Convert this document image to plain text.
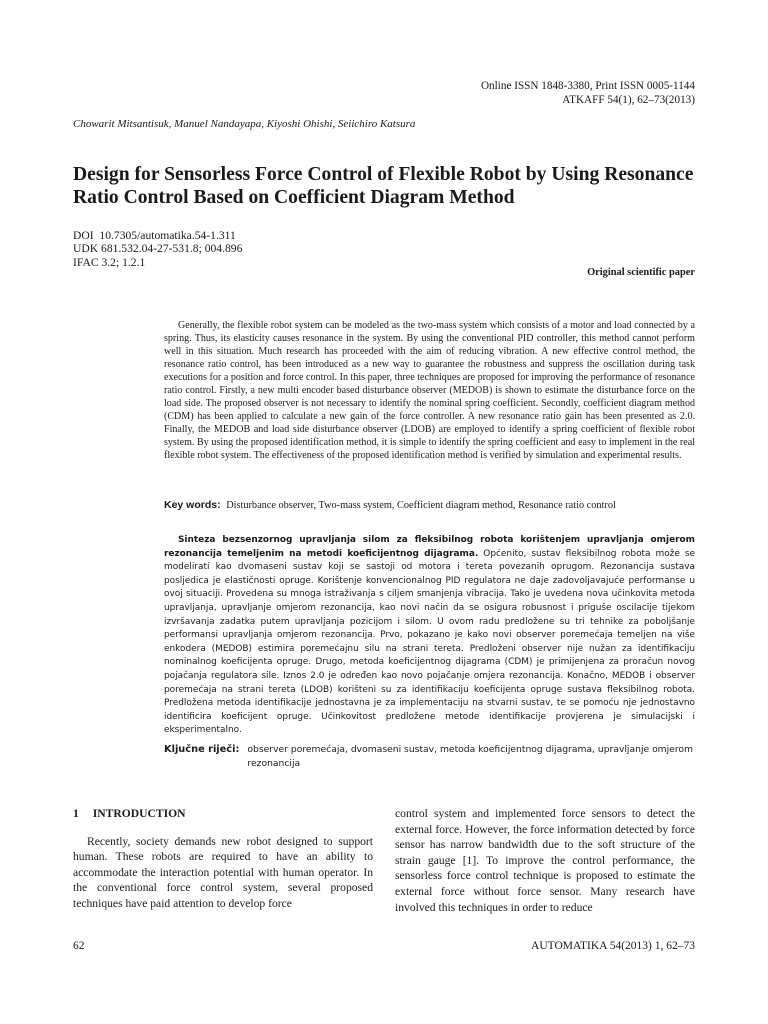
Online ISSN 1848-3380, Print ISSN 0005-1144
ATKAFF 54(1), 62–73(2013)
Chowarit Mitsantisuk, Manuel Nandayapa, Kiyoshi Ohishi, Seiichiro Katsura
Design for Sensorless Force Control of Flexible Robot by Using Resonance Ratio Control Based on Coefficient Diagram Method
DOI  10.7305/automatika.54-1.311
UDK 681.532.04-27-531.8; 004.896
IFAC 3.2; 1.2.1
Original scientific paper

Generally, the flexible robot system can be modeled as the two-mass system which consists of a motor and load connected by a spring. Thus, its elasticity causes resonance in the system. By using the conventional PID controller, this method cannot perform well in this situation. Much research has proceeded with the aim of reducing vibration. A new effective control method, the resonance ratio control, has been introduced as a new way to guarantee the robustness and suppress the oscillation during task executions for a position and force control. In this paper, three techniques are proposed for improving the performance of resonance ratio control. Firstly, a new multi encoder based disturbance observer (MEDOB) is shown to estimate the disturbance force on the load side. The proposed observer is not necessary to identify the nominal spring coefficient. Secondly, coefficient diagram method (CDM) has been applied to calculate a new gain of the force controller. A new resonance ratio gain has been presented as 2.0. Finally, the MEDOB and load side disturbance observer (LDOB) are employed to identify a spring coefficient of flexible robot system. By using the proposed identification method, it is simple to identify the spring coefficient and easy to implement in the real flexible robot system. The effectiveness of the proposed identification method is verified by simulation and experimental results.

Key words: Disturbance observer, Two-mass system, Coefficient diagram method, Resonance ratio control

Sinteza bezsenzornog upravljanja silom za fleksibilnog robota korištenjem upravljanja omjerom rezonancija temeljenim na metodi koeficijentnog dijagrama. Općenito, sustav fleksibilnog robota može se modelirati kao dvomaseni sustav koji se sastoji od motora i tereta povezanih oprugom. Rezonancija sustava posljedica je elastičnosti opruge. Korištenje konvencionalnog PID regulatora ne daje zadovoljavajuće performanse u ovoj situaciji. Provedena su mnoga istraživanja s ciljem smanjenja vibracija. Tako je uvedena nova učinkovita metoda upravljanja, upravljanje omjerom rezonancija, kao novi način da se osigura robusnost i priguše oscilacije tijekom izvršavanja zadatka putem upravljanja pozicijom i silom. U ovom radu predložene su tri tehnike za poboljšanje performansi upravljanja omjerom rezonancija. Prvo, pokazano je kako novi observer poremećaja temeljen na više enkodera (MEDOB) estimira poremećajnu silu na strani tereta. Predloženi observer nije nužan za identifikaciju nominalnog koeficijenta opruge. Drugo, metoda koeficijentnog dijagrama (CDM) je primijenjena za proračun novog pojačanja regulatora sile. Iznos 2.0 je određen kao novo pojačanje omjera rezonancija. Konačno, MEDOB i observer poremećaja na strani tereta (LDOB) korišteni su za identifikaciju koeficijenta opruge sustava fleksibilnog robota. Predložena metoda identifikacije jednostavna je za implementaciju na stvarni sustav, te se pomoću nje jednostavno identificira koeficijent opruge. Učinkovitost predložene metode identifikacije provjerena je simulacijski i eksperimentalno.

Ključne riječi: observer poremećaja, dvomaseni sustav, metoda koeficijentnog dijagrama, upravljanje omjerom rezonancija
1 INTRODUCTION

Recently, society demands new robot designed to support human. These robots are required to have an ability to accommodate the interaction potential with human operator. In the conventional force control system, several proposed techniques have paid attention to develop force

control system and implemented force sensors to detect the external force. However, the force information detected by force sensor has narrow bandwidth due to the soft structure of the strain gauge [1]. To improve the control performance, the sensorless force control technique is proposed to estimate the external force without force sensor. Many research have involved this techniques in order to reduce
62	AUTOMATIKA 54(2013) 1, 62–73
